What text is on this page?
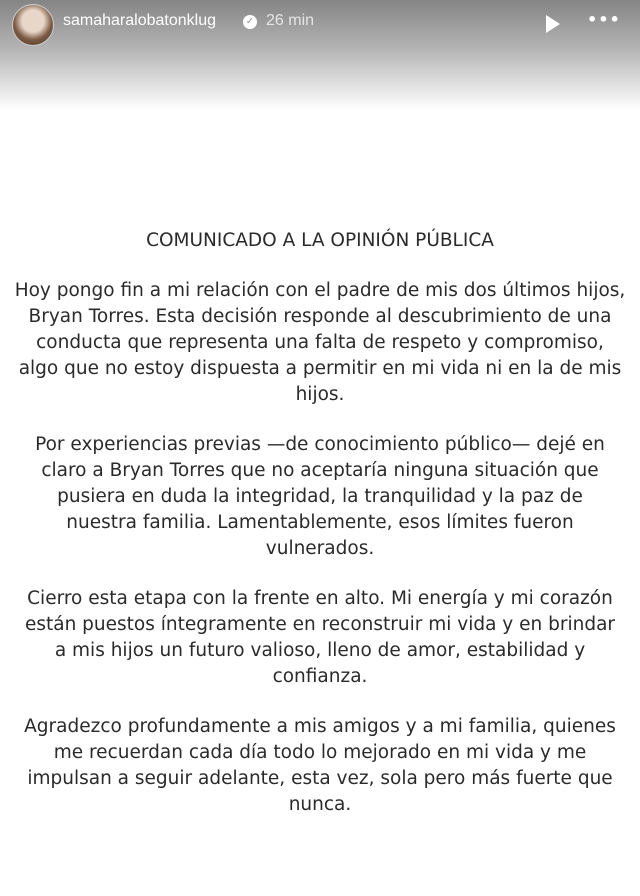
samaharalobatonklug	✓ 26 min	•••
COMUNICADO A LA OPINIÓN PÚBLICA

Hoy pongo fin a mi relación con el padre de mis dos últimos hijos,
Bryan Torres. Esta decisión responde al descubrimiento de una
conducta que representa una falta de respeto y compromiso,
algo que no estoy dispuesta a permitir en mi vida ni en la de mis
hijos.

Por experiencias previas —de conocimiento público— dejé en
claro a Bryan Torres que no aceptaría ninguna situación que
pusiera en duda la integridad, la tranquilidad y la paz de
nuestra familia. Lamentablemente, esos límites fueron
vulnerados.

Cierro esta etapa con la frente en alto. Mi energía y mi corazón
están puestos íntegramente en reconstruir mi vida y en brindar
a mis hijos un futuro valioso, lleno de amor, estabilidad y
confianza.

Agradezco profundamente a mis amigos y a mi familia, quienes
me recuerdan cada día todo lo mejorado en mi vida y me
impulsan a seguir adelante, esta vez, sola pero más fuerte que
nunca.
